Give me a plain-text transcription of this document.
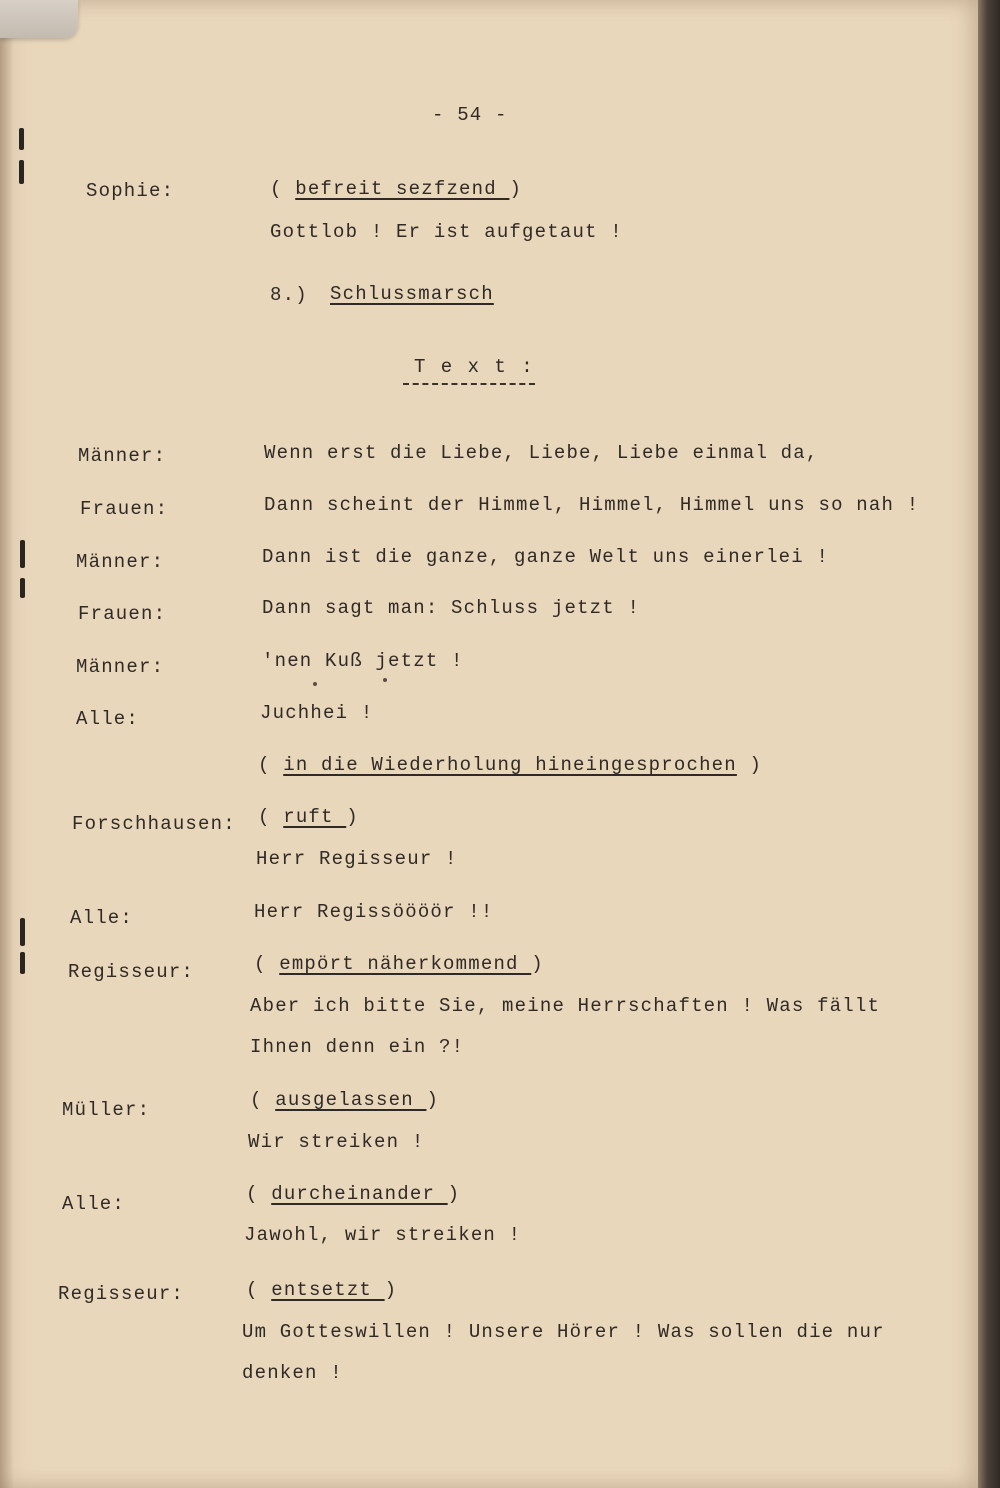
- 54 -
Sophie:	( befreit sezfzend )
Gottlob ! Er ist aufgetaut !
8.) Schlussmarsch
T e x t :
Männer:	Wenn erst die Liebe, Liebe, Liebe einmal da,
Frauen:	Dann scheint der Himmel, Himmel, Himmel uns so nah !
Männer:	Dann ist die ganze, ganze Welt uns einerlei !
Frauen:	Dann sagt man: Schluss jetzt !
Männer:	'nen Kuß jetzt !
Alle:	Juchhei !
( in die Wiederholung hineingesprochen )
Forschhausen: ( ruft )
Herr Regisseur !
Alle:	Herr Regissöööör !!
Regisseur:	( empört näherkommend )
Aber ich bitte Sie, meine Herrschaften ! Was fällt
Ihnen denn ein ?!
Müller:	( ausgelassen )
Wir streiken !
Alle:	( durcheinander )
Jawohl, wir streiken !
Regisseur:	( entsetzt )
Um Gotteswillen ! Unsere Hörer ! Was sollen die nur
denken !
